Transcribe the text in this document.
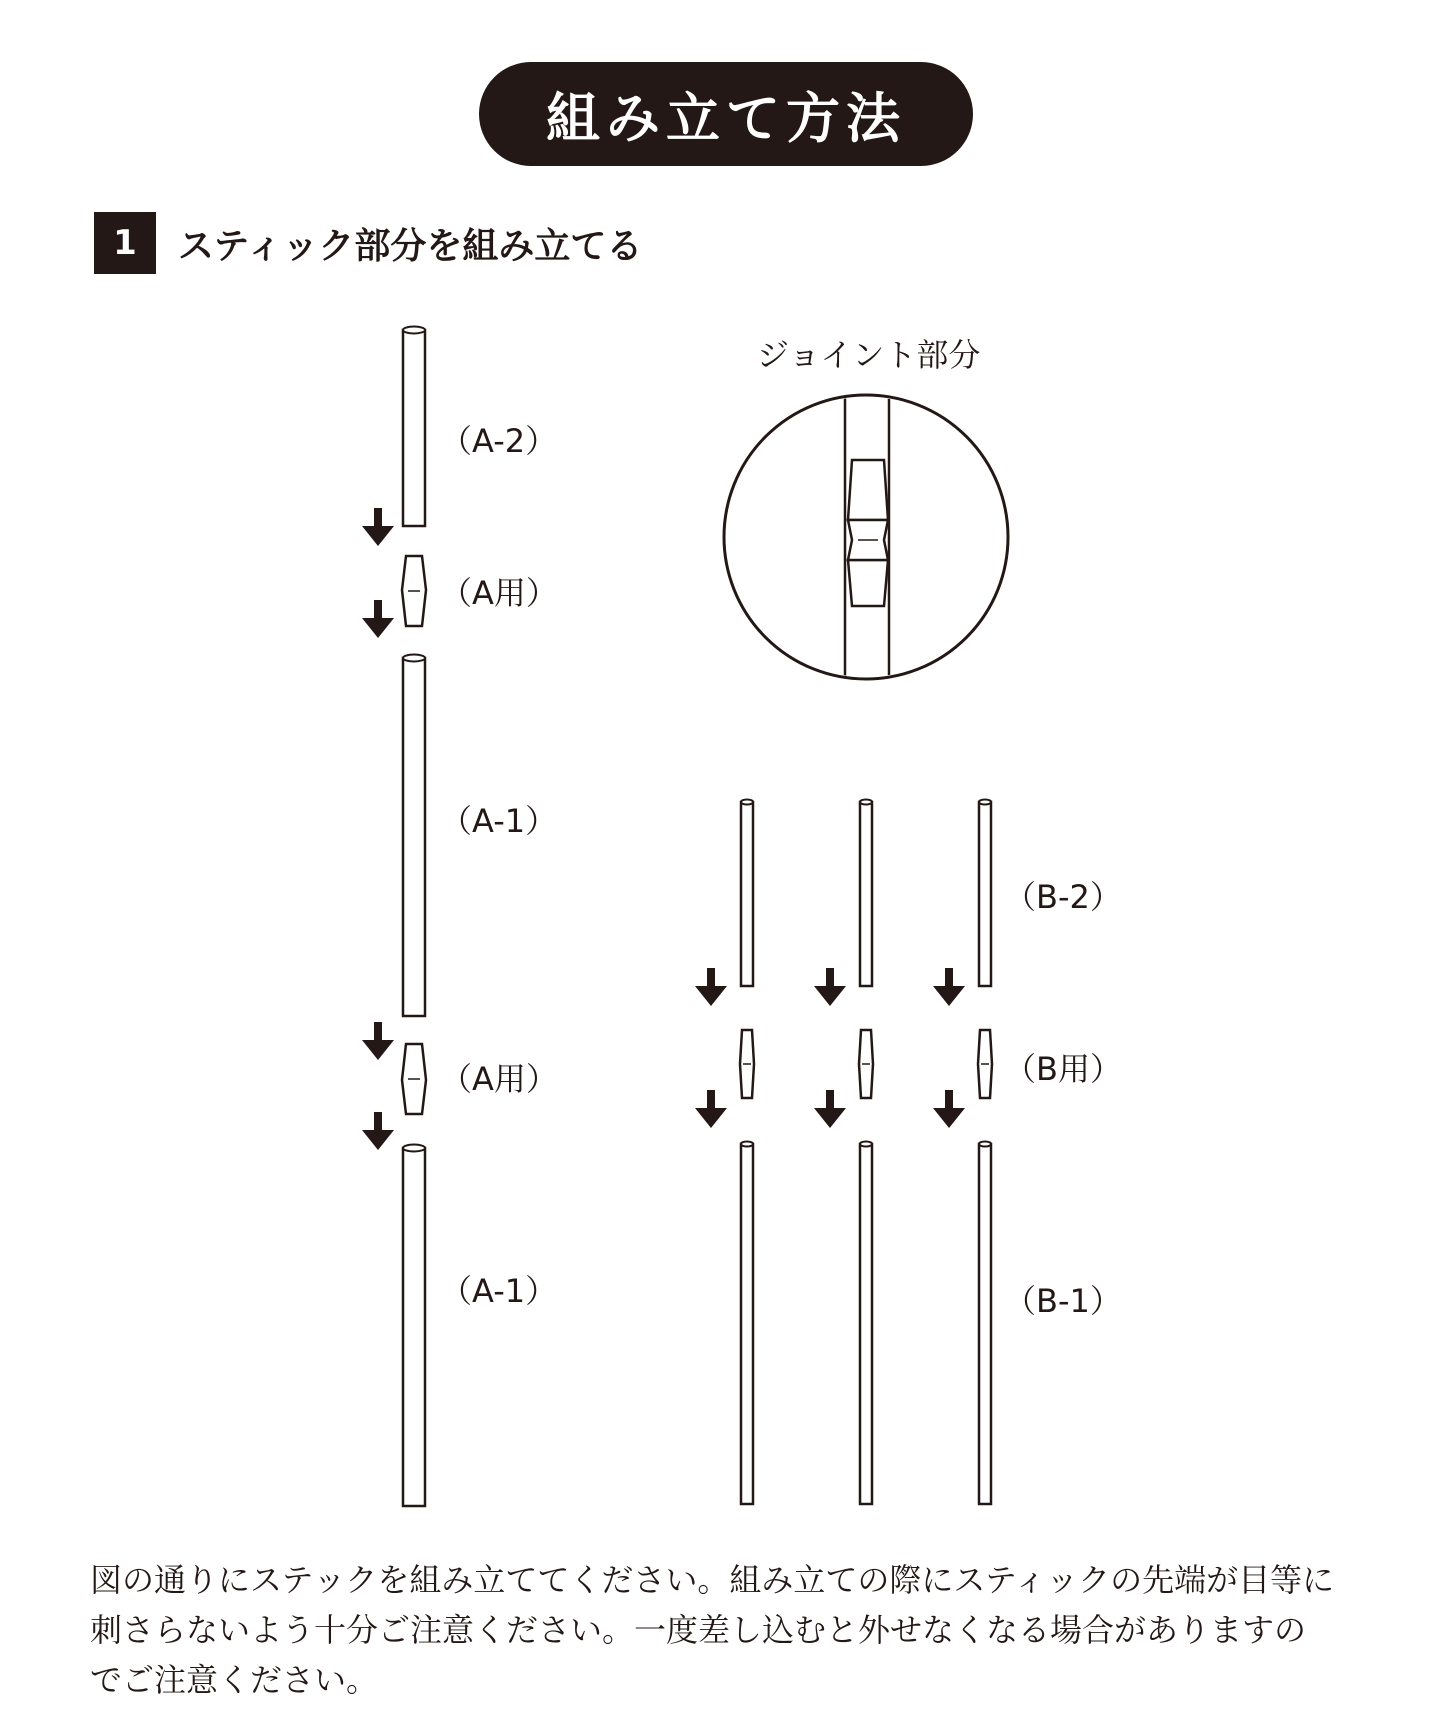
組み立て方法
1	スティック部分を組み立てる
（A-2）
（A用）
（A-1）
（A用）
（A-1）
ジョイント部分
（B-2）
（B用）
（B-1）

図の通りにステックを組み立ててください。組み立ての際にスティックの先端が目等に

刺さらないよう十分ご注意ください。一度差し込むと外せなくなる場合がありますの

でご注意ください。
